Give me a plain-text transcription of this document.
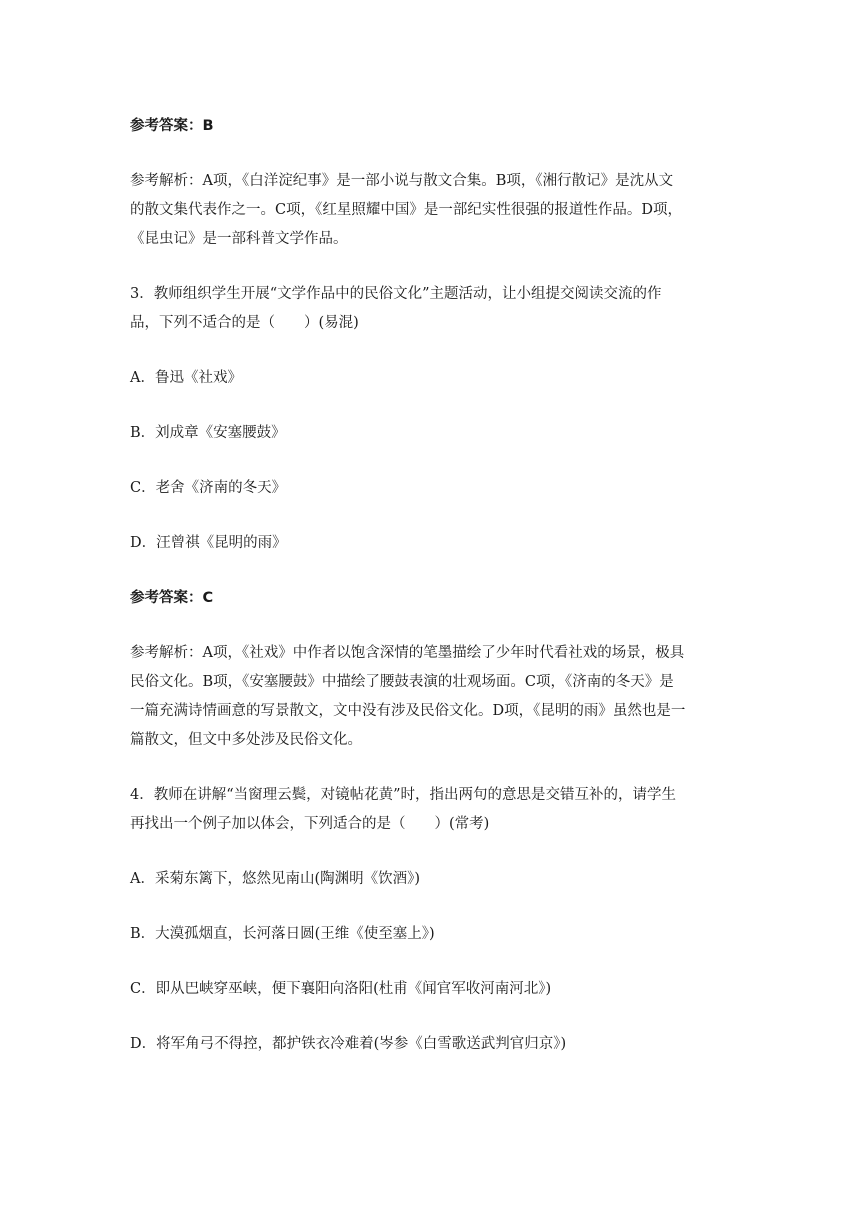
参考答案：B
参考解析：A项，《白洋淀纪事》是一部小说与散文合集。B项，《湘行散记》是沈从文
的散文集代表作之一。C项，《红星照耀中国》是一部纪实性很强的报道性作品。D项，
《昆虫记》是一部科普文学作品。
3．教师组织学生开展“文学作品中的民俗文化”主题活动，让小组提交阅读交流的作
品，下列不适合的是（　　）(易混)
A．鲁迅《社戏》
B．刘成章《安塞腰鼓》
C．老舍《济南的冬天》
D．汪曾祺《昆明的雨》
参考答案：C
参考解析：A项，《社戏》中作者以饱含深情的笔墨描绘了少年时代看社戏的场景，极具
民俗文化。B项，《安塞腰鼓》中描绘了腰鼓表演的壮观场面。C项，《济南的冬天》是
一篇充满诗情画意的写景散文，文中没有涉及民俗文化。D项，《昆明的雨》虽然也是一
篇散文，但文中多处涉及民俗文化。
4．教师在讲解“当窗理云鬓，对镜帖花黄”时，指出两句的意思是交错互补的，请学生
再找出一个例子加以体会，下列适合的是（　　）(常考)
A．采菊东篱下，悠然见南山(陶渊明《饮酒》)
B．大漠孤烟直，长河落日圆(王维《使至塞上》)
C．即从巴峡穿巫峡，便下襄阳向洛阳(杜甫《闻官军收河南河北》)
D．将军角弓不得控，都护铁衣冷难着(岑参《白雪歌送武判官归京》)
